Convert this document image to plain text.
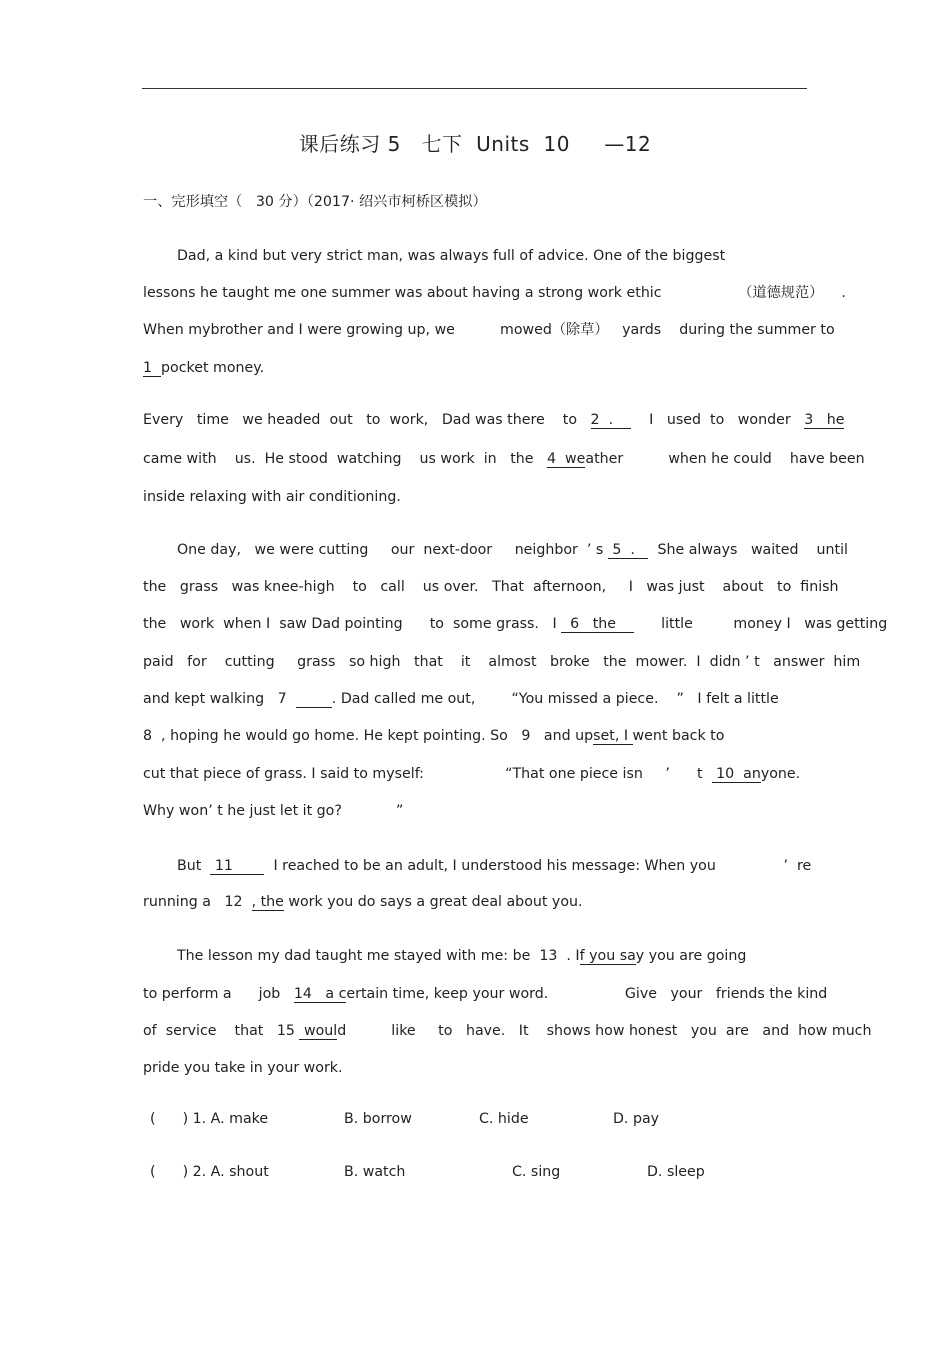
课后练习 5   七下  Units  10     —12
一、完形填空（   30 分）（2017· 绍兴市柯桥区模拟）
Dad, a kind but very strict man, was always full of advice. One of the biggest
lessons he taught me one summer was about having a strong work ethic                 （道德规范）    .
When mybrother and I were growing up, we          mowed（除草）   yards    during the summer to
1  pocket money.
Every   time   we headed  out   to  work,   Dad was there    to   2  .        I   used  to   wonder   3   he
came with    us.  He stood  watching    us work  in   the   4  weather          when he could    have been
inside relaxing with air conditioning.
One day,   we were cutting     our  next-door     neighbor  ’ s  5  .     She always   waited    until
the   grass   was knee-high    to   call    us over.   That  afternoon,     I   was just    about   to  finish
the   work  when I  saw Dad pointing      to  some grass.   I   6   the          little         money I   was getting
paid   for    cutting     grass   so high   that    it    almost   broke   the  mower.  I  didn ’ t   answer  him
and kept walking   7	. Dad called me out,        “You missed a piece.    ”   I felt a little
8  , hoping he would go home. He kept pointing. So   9   and upset, I went back to
cut that piece of grass. I said to myself:                  “That one piece isn     ’      t   10  anyone.
Why won’ t he just let it go?            ”
But   11         I reached to be an adult, I understood his message: When you               ’  re
running a   12  , the work you do says a great deal about you.
The lesson my dad taught me stayed with me: be  13  . If you say you are going
to perform a      job   14   a certain time, keep your word.                 Give   your   friends the kind
of  service    that   15  would          like     to   have.   It    shows how honest   you  are   and  how much
pride you take in your work.
(      ) 1. A. make	B. borrow	C. hide	D. pay
(      ) 2. A. shout	B. watch	C. sing	D. sleep
